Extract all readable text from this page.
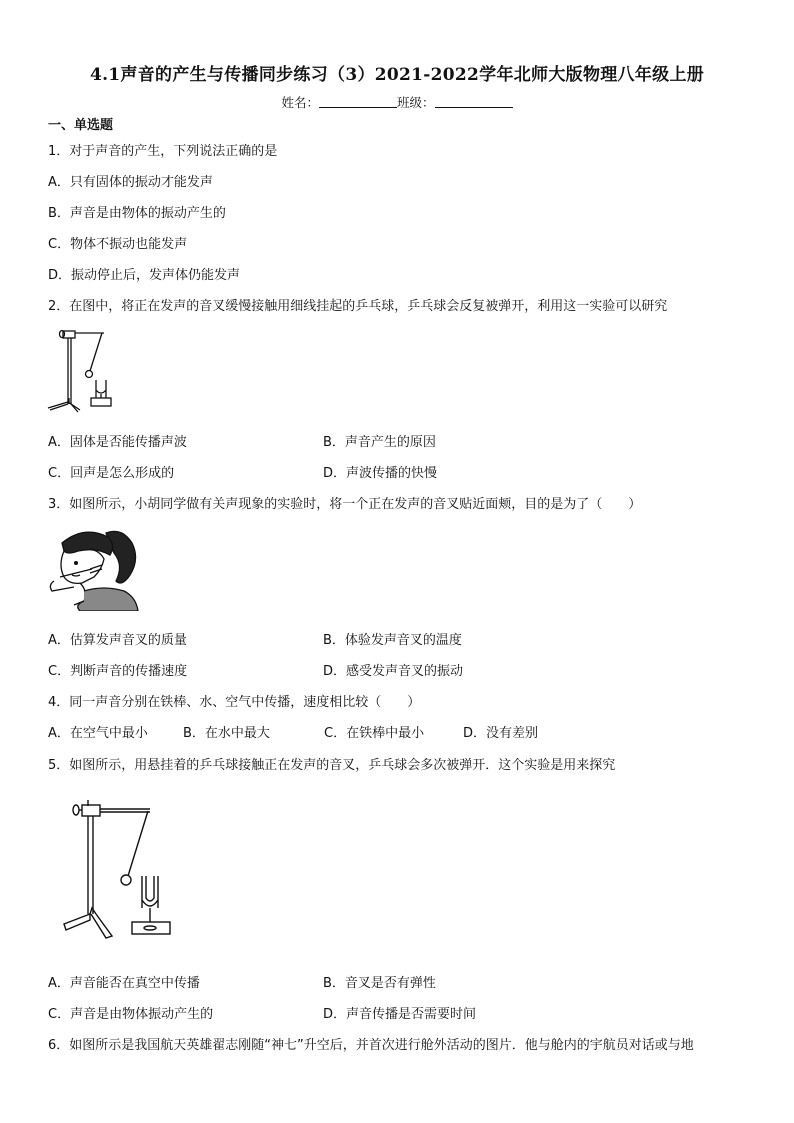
4.1声音的产生与传播同步练习（3）2021-2022学年北师大版物理八年级上册
姓名：	班级：
一、单选题
1．对于声音的产生，下列说法正确的是
A．只有固体的振动才能发声
B．声音是由物体的振动产生的
C．物体不振动也能发声
D．振动停止后，发声体仍能发声
2．在图中，将正在发声的音叉缓慢接触用细线挂起的乒乓球，乒乓球会反复被弹开，利用这一实验可以研究
A．固体是否能传播声波	B．声音产生的原因
C．回声是怎么形成的	D．声波传播的快慢
3．如图所示，小胡同学做有关声现象的实验时，将一个正在发声的音叉贴近面颊，目的是为了（　　）
A．估算发声音叉的质量	B．体验发声音叉的温度
C．判断声音的传播速度	D．感受发声音叉的振动
4．同一声音分别在铁棒、水、空气中传播，速度相比较（　　）
A．在空气中最小	B．在水中最大	C．在铁棒中最小	D．没有差别
5．如图所示，用悬挂着的乒乓球接触正在发声的音叉，乒乓球会多次被弹开．这个实验是用来探究
A．声音能否在真空中传播	B．音叉是否有弹性
C．声音是由物体振动产生的	D．声音传播是否需要时间
6．如图所示是我国航天英雄翟志刚随“神七”升空后，并首次进行舱外活动的图片．他与舱内的宇航员对话或与地
